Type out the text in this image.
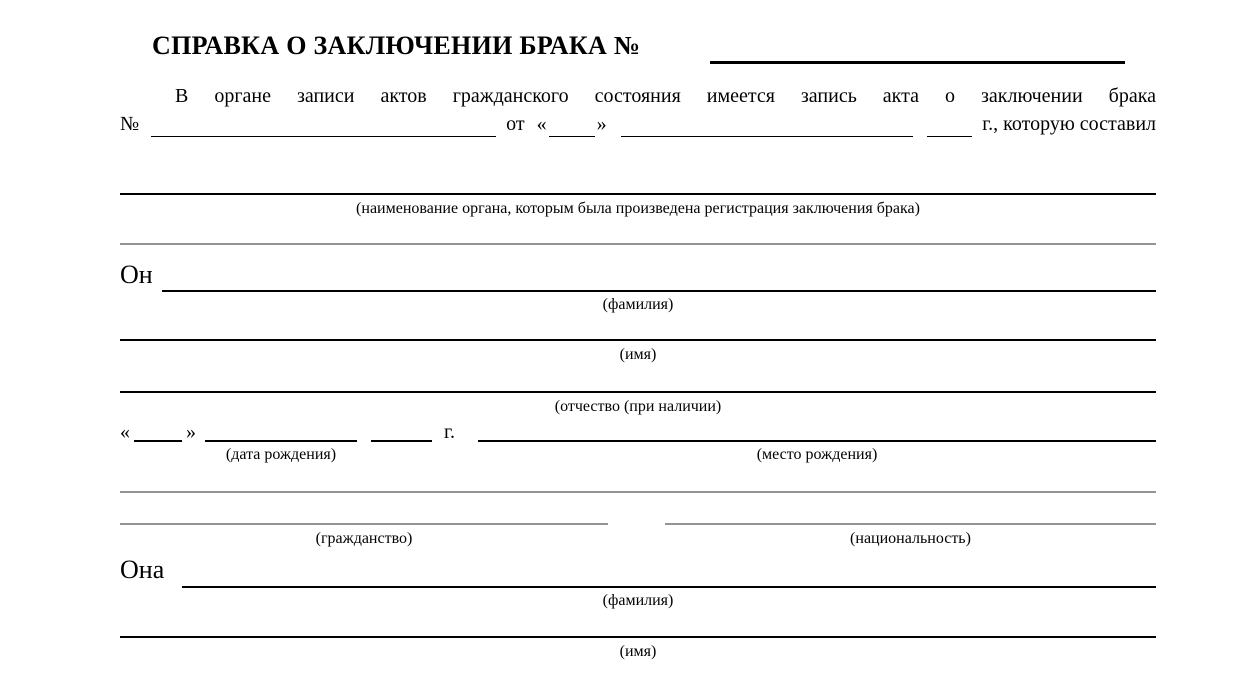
СПРАВКА О ЗАКЛЮЧЕНИИ БРАКА №
В органе записи актов гражданского состояния имеется запись акта о заключении брака
№	от «	»	г., которую составил
(наименование органа, которым была произведена регистрация заключения брака)
Он
(фамилия)
(имя)
(отчество (при наличии)
«	»	г.
(дата рождения)	(место рождения)
(гражданство)	(национальность)
Она
(фамилия)
(имя)
